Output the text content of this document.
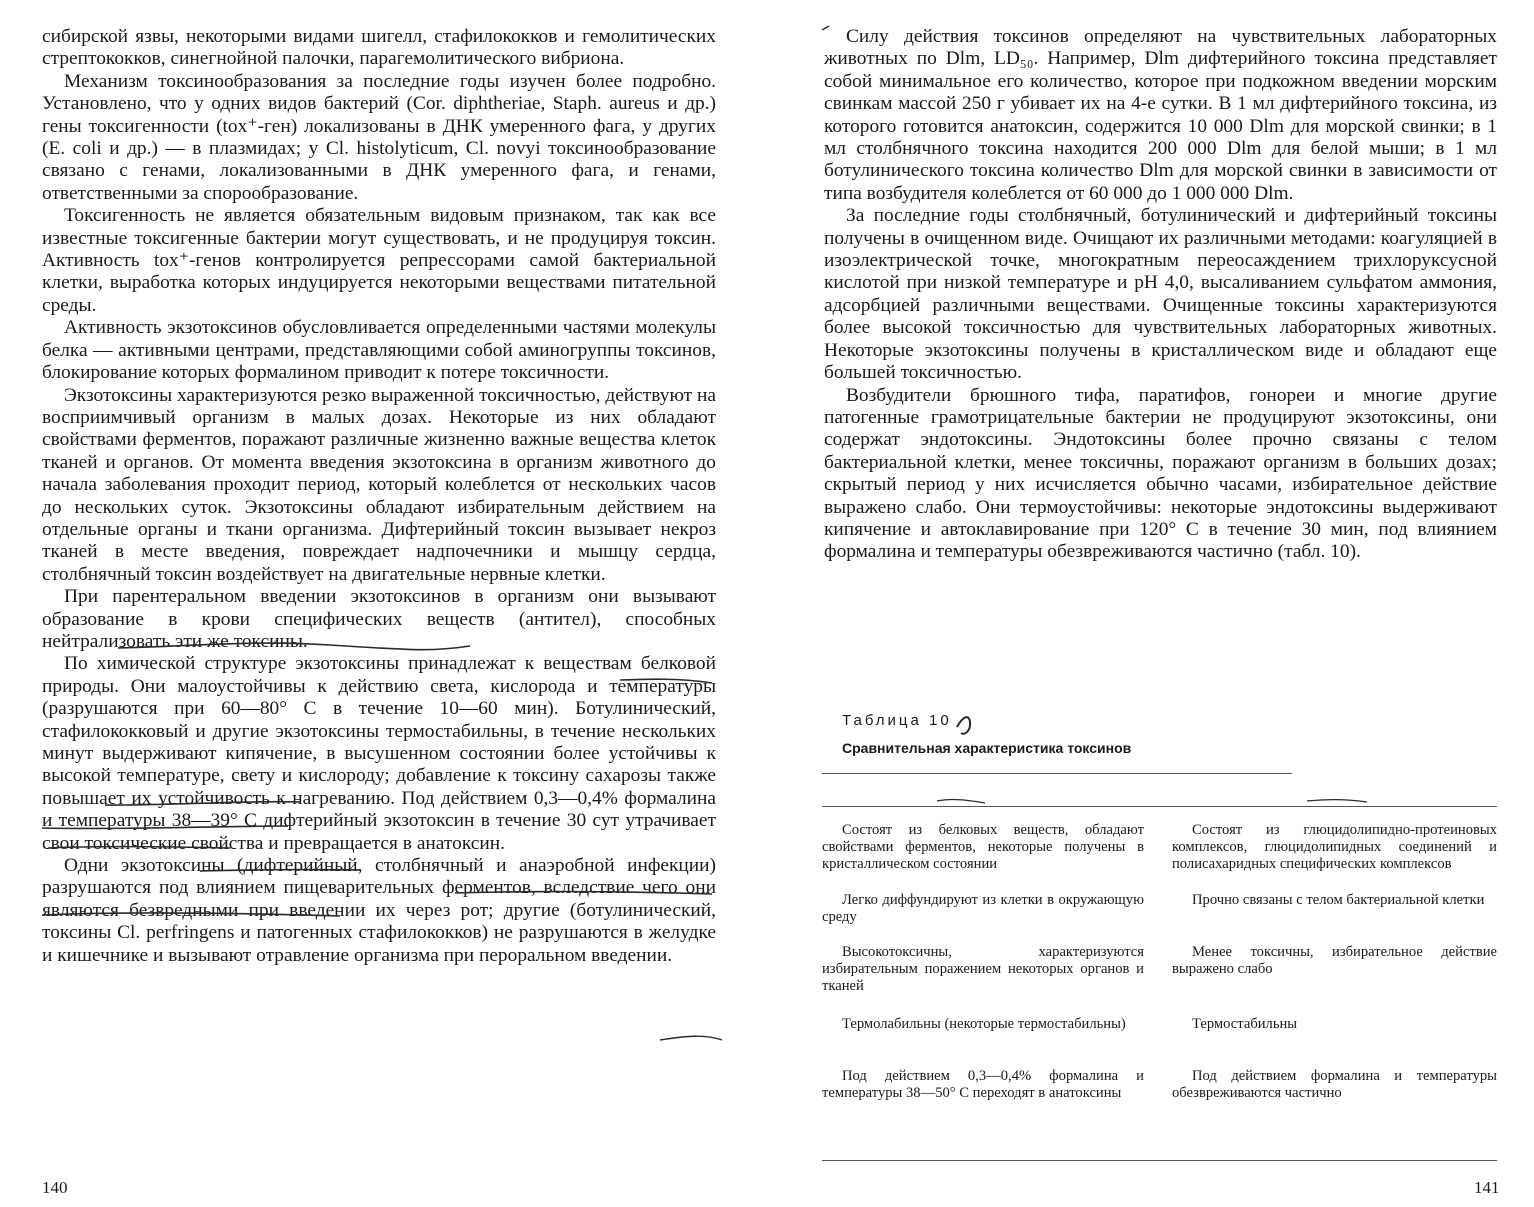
сибирской язвы, некоторыми видами шигелл, стафилококков и гемолитических стрептококков, синегнойной палочки, парагемолитического вибриона.

Механизм токсинообразования за последние годы изучен более подробно. Установлено, что у одних видов бактерий (Cor. diphtheriae, Staph. aureus и др.) гены токсигенности (tox⁺-ген) локализованы в ДНК умеренного фага, у других (E. coli и др.) — в плазмидах; у Cl. histolyticum, Cl. novyi токсинообразование связано с генами, локализованными в ДНК умеренного фага, и генами, ответственными за спорообразование.

Токсигенность не является обязательным видовым признаком, так как все известные токсигенные бактерии могут существовать, и не продуцируя токсин. Активность tox⁺-генов контролируется репрессорами самой бактериальной клетки, выработка которых индуцируется некоторыми веществами питательной среды.

Активность экзотоксинов обусловливается определенными частями молекулы белка — активными центрами, представляющими собой аминогруппы токсинов, блокирование которых формалином приводит к потере токсичности.

Экзотоксины характеризуются резко выраженной токсичностью, действуют на восприимчивый организм в малых дозах. Некоторые из них обладают свойствами ферментов, поражают различные жизненно важные вещества клеток тканей и органов. От момента введения экзотоксина в организм животного до начала заболевания проходит период, который колеблется от нескольких часов до нескольких суток. Экзотоксины обладают избирательным действием на отдельные органы и ткани организма. Дифтерийный токсин вызывает некроз тканей в месте введения, повреждает надпочечники и мышцу сердца, столбнячный токсин воздействует на двигательные нервные клетки.

При парентеральном введении экзотоксинов в организм они вызывают образование в крови специфических веществ (антител), способных нейтрализовать эти же токсины.

По химической структуре экзотоксины принадлежат к веществам белковой природы. Они малоустойчивы к действию света, кислорода и температуры (разрушаются при 60—80° C в течение 10—60 мин). Ботулинический, стафилококковый и другие экзотоксины термостабильны, в течение нескольких минут выдерживают кипячение, в высушенном состоянии более устойчивы к высокой температуре, свету и кислороду; добавление к токсину сахарозы также повышает их устойчивость к нагреванию. Под действием 0,3—0,4% формалина и температуры 38—39° C дифтерийный экзотоксин в течение 30 сут утрачивает свои токсические свойства и превращается в анатоксин.

Одни экзотоксины (дифтерийный, столбнячный и анаэробной инфекции) разрушаются под влиянием пищеварительных ферментов, вследствие чего они являются безвредными при введении их через рот; другие (ботулинический, токсины Cl. perfringens и патогенных стафилококков) не разрушаются в желудке и кишечнике и вызывают отравление организма при пероральном введении.

140

Силу действия токсинов определяют на чувствительных лабораторных животных по Dlm, LD₅₀. Например, Dlm дифтерийного токсина представляет собой минимальное его количество, которое при подкожном введении морским свинкам массой 250 г убивает их на 4-е сутки. В 1 мл дифтерийного токсина, из которого готовится анатоксин, содержится 10 000 Dlm для морской свинки; в 1 мл столбнячного токсина находится 200 000 Dlm для белой мыши; в 1 мл ботулинического токсина количество Dlm для морской свинки в зависимости от типа возбудителя колеблется от 60 000 до 1 000 000 Dlm.

За последние годы столбнячный, ботулинический и дифтерийный токсины получены в очищенном виде. Очищают их различными методами: коагуляцией в изоэлектрической точке, многократным переосаждением трихлоруксусной кислотой при низкой температуре и pH 4,0, высаливанием сульфатом аммония, адсорбцией различными веществами. Очищенные токсины характеризуются более высокой токсичностью для чувствительных лабораторных животных. Некоторые экзотоксины получены в кристаллическом виде и обладают еще большей токсичностью.

Возбудители брюшного тифа, паратифов, гонореи и многие другие патогенные грамотрицательные бактерии не продуцируют экзотоксины, они содержат эндотоксины. Эндотоксины более прочно связаны с телом бактериальной клетки, менее токсичны, поражают организм в больших дозах; скрытый период у них исчисляется обычно часами, избирательное действие выражено слабо. Они термоустойчивы: некоторые эндотоксины выдерживают кипячение и автоклавирование при 120° C в течение 30 мин, под влиянием формалина и температуры обезвреживаются частично (табл. 10).

Таблица 10
Сравнительная характеристика токсинов
Состоят из белковых веществ, обладают свойствами ферментов, некоторые получены в кристаллическом состоянии
Состоят из глюцидолипидно-протеиновых комплексов, глюцидолипидных соединений и полисахаридных специфических комплексов
Легко диффундируют из клетки в окружающую среду
Прочно связаны с телом бактериальной клетки
Высокотоксичны, характеризуются избирательным поражением некоторых органов и тканей
Менее токсичны, избирательное действие выражено слабо
Термолабильны (некоторые термостабильны)	Термостабильны
Под действием 0,3—0,4% формалина и температуры 38—50° C переходят в анатоксины
Под действием формалина и температуры обезвреживаются частично
141
